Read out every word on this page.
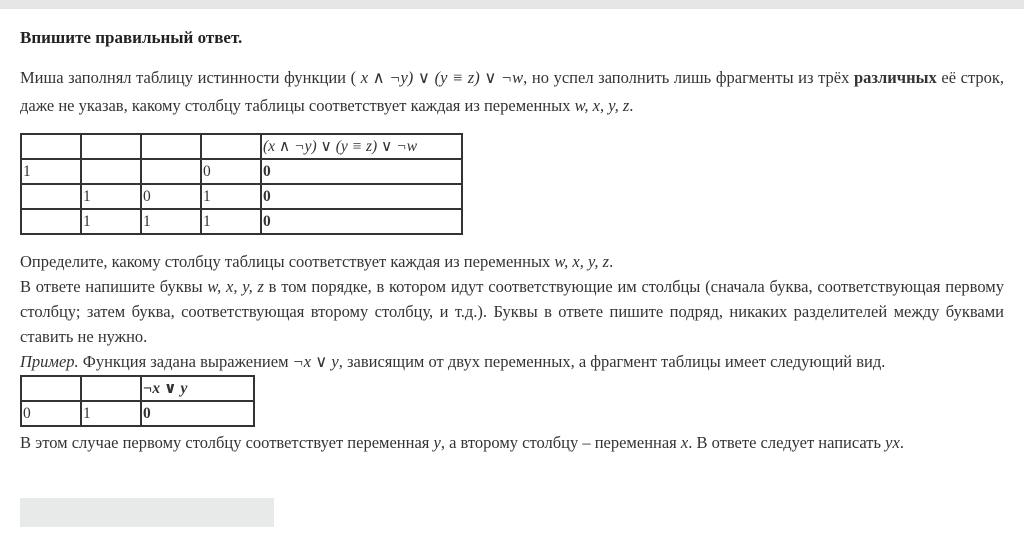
Впишите правильный ответ.

Миша заполнял таблицу истинности функции ( x ∧ ¬y) ∨ (y ≡ z) ∨ ¬w, но успел заполнить лишь фрагменты из трёх различных её строк, даже не указав, какому столбцу таблицы соответствует каждая из переменных w, x, y, z.

				(x ∧ ¬y) ∨ (y ≡ z) ∨ ¬w
1			0	0
	1	0	1	0
	1	1	1	0

Определите, какому столбцу таблицы соответствует каждая из переменных w, x, y, z.

В ответе напишите буквы w, x, y, z в том порядке, в котором идут соответствующие им столбцы (сначала буква, соответствующая первому столбцу; затем буква, соответствующая второму столбцу, и т.д.). Буквы в ответе пишите подряд, никаких разделителей между буквами ставить не нужно.

Пример. Функция задана выражением ¬x ∨ y, зависящим от двух переменных, а фрагмент таблицы имеет следующий вид.

		¬x ∨ y
0	1	0

В этом случае первому столбцу соответствует переменная y, а второму столбцу – переменная x. В ответе следует написать yx.
